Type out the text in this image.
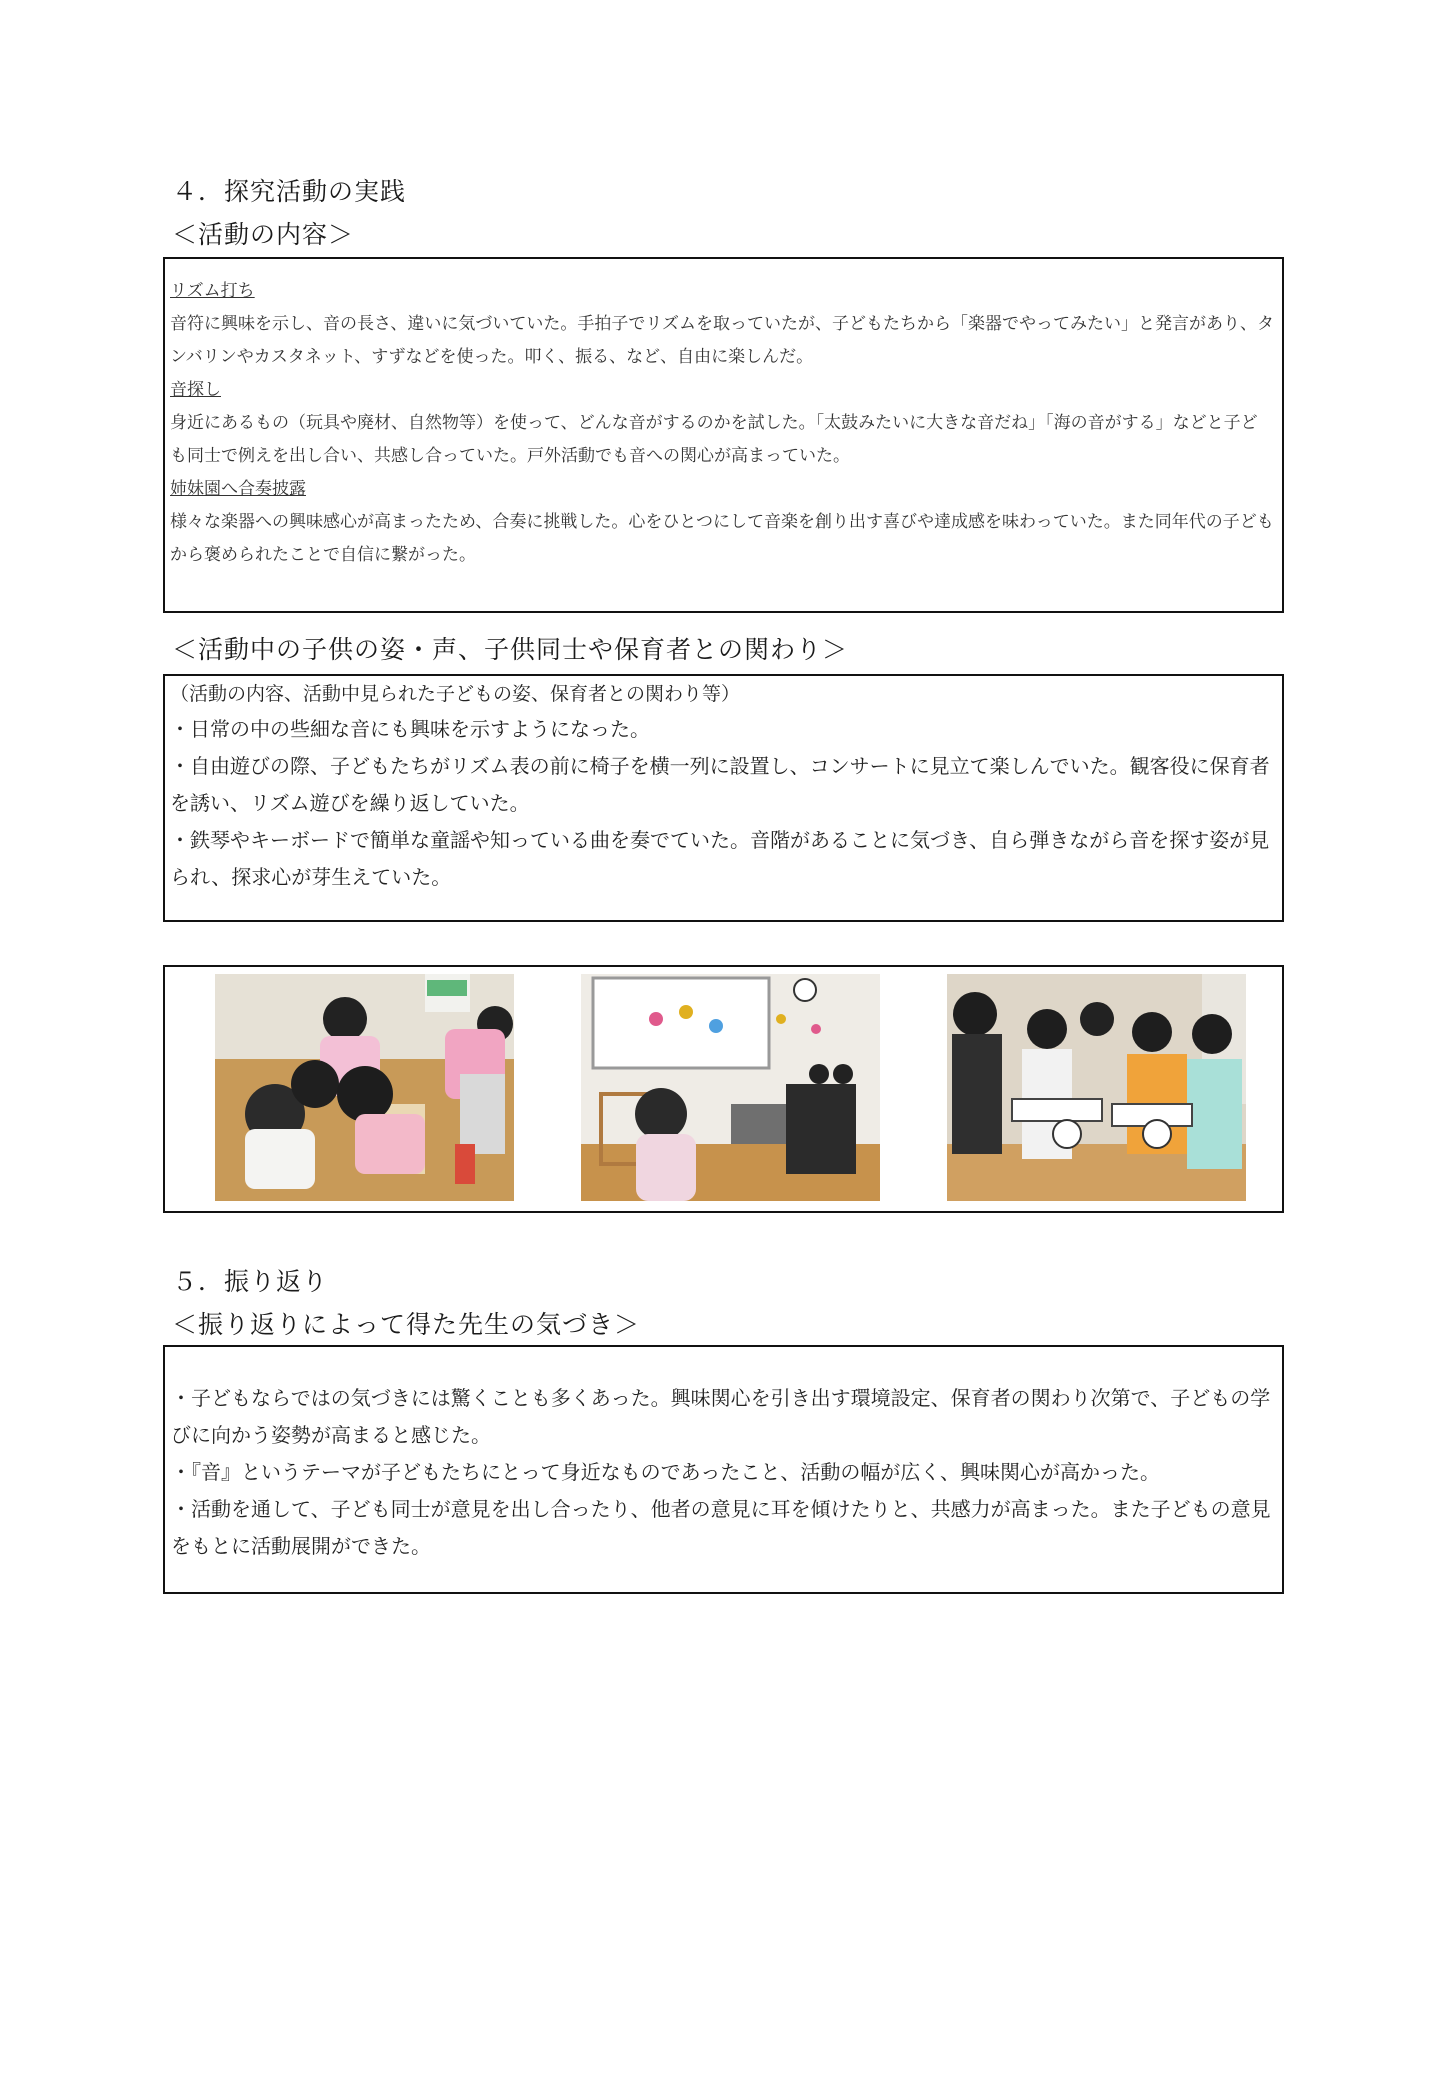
４．探究活動の実践
＜活動の内容＞
リズム打ち
音符に興味を示し、音の長さ、違いに気づいていた。手拍子でリズムを取っていたが、子どもたちから「楽器でやってみたい」と発言があり、タンバリンやカスタネット、すずなどを使った。叩く、振る、など、自由に楽しんだ。
音探し
身近にあるもの（玩具や廃材、自然物等）を使って、どんな音がするのかを試した。「太鼓みたいに大きな音だね」「海の音がする」などと子ども同士で例えを出し合い、共感し合っていた。戸外活動でも音への関心が高まっていた。
姉妹園へ合奏披露
様々な楽器への興味感心が高まったため、合奏に挑戦した。心をひとつにして音楽を創り出す喜びや達成感を味わっていた。また同年代の子どもから褒められたことで自信に繋がった。
＜活動中の子供の姿・声、子供同士や保育者との関わり＞
（活動の内容、活動中見られた子どもの姿、保育者との関わり等）
・日常の中の些細な音にも興味を示すようになった。
・自由遊びの際、子どもたちがリズム表の前に椅子を横一列に設置し、コンサートに見立て楽しんでいた。観客役に保育者を誘い、リズム遊びを繰り返していた。
・鉄琴やキーボードで簡単な童謡や知っている曲を奏でていた。音階があることに気づき、自ら弾きながら音を探す姿が見られ、探求心が芽生えていた。
５．振り返り
＜振り返りによって得た先生の気づき＞
・子どもならではの気づきには驚くことも多くあった。興味関心を引き出す環境設定、保育者の関わり次第で、子どもの学びに向かう姿勢が高まると感じた。
・『音』というテーマが子どもたちにとって身近なものであったこと、活動の幅が広く、興味関心が高かった。
・活動を通して、子ども同士が意見を出し合ったり、他者の意見に耳を傾けたりと、共感力が高まった。また子どもの意見をもとに活動展開ができた。
